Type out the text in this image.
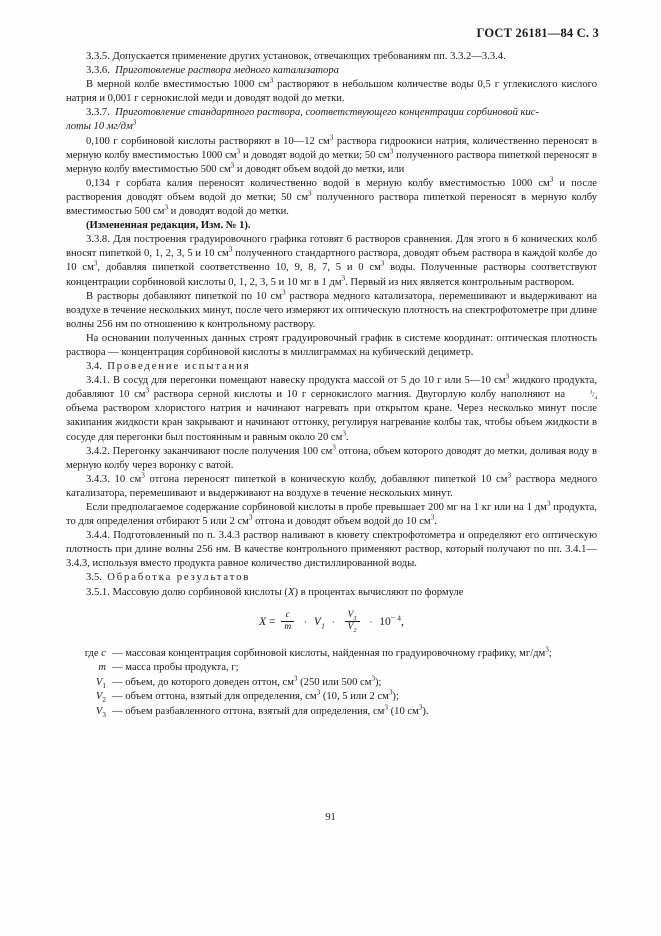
ГОСТ 26181—84 С. 3

3.3.5. Допускается применение других установок, отвечающих требованиям пп. 3.3.2—3.3.4.

3.3.6. Приготовление раствора медного катализатора

В мерной колбе вместимостью 1000 $см^3$ растворяют в небольшом количестве воды 0,5 г углекислого кислого натрия и 0,001 г сернокислой меди и доводят водой до метки.

3.3.7. Приготовление стандартного раствора, соответствующего концентрации сорбиновой кис-

лоты 10 $мг/дм^3$

0,100 г сорбиновой кислоты растворяют в 10—12 $см^3$ раствора гидроокиси натрия, количественно переносят в мерную колбу вместимостью 1000 $см^3$ и доводят водой до метки; 50 $см^3$ полученного раствора пипеткой переносят в мерную колбу вместимостью 500 $см^3$ и доводят объем водой до метки, или

0,134 г сорбата калия переносят количественно водой в мерную колбу вместимостью 1000 $см^3$ и после растворения доводят объем водой до метки; 50 $см^3$ полученного раствора пипеткой переносят в мерную колбу вместимостью 500 $см^3$ и доводят водой до метки.

(Измененная редакция, Изм. № 1).

3.3.8. Для построения градуировочного графика готовят 6 растворов сравнения. Для этого в 6 конических колб вносят пипеткой 0, 1, 2, 3, 5 и 10 $см^3$ полученного стандартного раствора, доводят объем раствора в каждой колбе до 10 $см^3$, добавляя пипеткой соответственно 10, 9, 8, 7, 5 и 0 $см^3$ воды. Полученные растворы соответствуют концентрации сорбиновой кислоты 0, 1, 2, 3, 5 и 10 мг в 1 $дм^3$. Первый из них является контрольным раствором.

В растворы добавляют пипеткой по 10 $см^3$ раствора медного катализатора, перемешивают и выдерживают на воздухе в течение нескольких минут, после чего измеряют их оптическую плотность на спектрофотометре при длине волны 256 нм по отношению к контрольному раствору.

На основании полученных данных строят градуировочный график в системе координат: оптическая плотность раствора — концентрация сорбиновой кислоты в миллиграммах на кубический дециметр.

3.4. Проведение испытания

3.4.1. В сосуд для перегонки помещают навеску продукта массой от 5 до 10 г или 5—10 $см^3$ жидкого продукта, добавляют 10 $см^3$ раствора серной кислоты и 10 г сернокислого магния. Двугорлую колбу наполняют на	$^3/_4$ объема раствором хлористого натрия и начинают нагревать при открытом кране. Через несколько минут после закипания жидкости кран закрывают и начинают оттонку, регулируя нагревание колбы так, чтобы объем жидкости в сосуде для перегонки был постоянным и равным около 20 $см^3$.

3.4.2. Перегонку заканчивают после получения 100 $см^3$ отгона, объем которого доводят до метки, доливая воду в мерную колбу через воронку с ватой.

3.4.3. 10 $см^3$ отгона переносят пипеткой в коническую колбу, добавляют пипеткой 10 $см^3$ раствора медного катализатора, перемешивают и выдерживают на воздухе в течение нескольких минут.

Если предполагаемое содержание сорбиновой кислоты в пробе превышает 200 мг на 1 кг или на 1 $дм^3$ продукта, то для определения отбирают 5 или 2 $см^3$ отгона и доводят объем водой до 10 $см^3$.

3.4.4. Подготовленный по п. 3.4.3 раствор наливают в кювету спектрофотометра и определяют его оптическую плотность при длине волны 256 нм. В качестве контрольного применяют раствор, который получают по пп. 3.4.1—3.4.3, используя вместо продукта равное количество дистиллированной воды.

3.5. Обработка результатов

3.5.1. Массовую долю сорбиновой кислоты (X) в процентах вычисляют по формуле

$X = \frac{c}{m} \cdot V_1 \cdot \frac{V_3}{V_2} \cdot 10^{- 4}$,

где c — массовая концентрация сорбиновой кислоты, найденная по градуировочному графику, $мг/дм^3$;
m — масса пробы продукта, г;
$V_1$ — объем, до которого доведен оттон, $см^3$ (250 или 500 $см^3$);
$V_2$ — объем оттона, взятый для определения, $см^3$ (10, 5 или 2 $см^3$);
$V_3$ — объем разбавленного оттона, взятый для определения, $см^3$ (10 $см^3$).
91
